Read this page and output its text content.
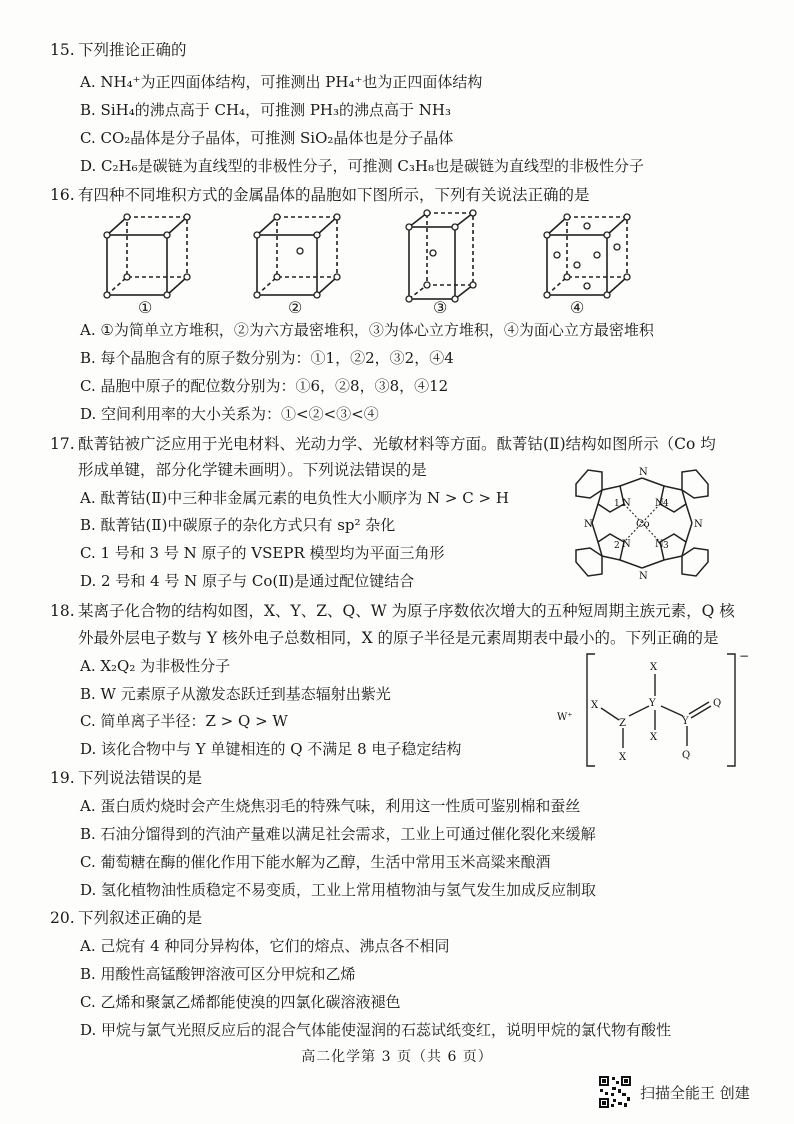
15. 下列推论正确的
A. NH₄⁺为正四面体结构，可推测出 PH₄⁺也为正四面体结构
B. SiH₄的沸点高于 CH₄，可推测 PH₃的沸点高于 NH₃
C. CO₂晶体是分子晶体，可推测 SiO₂晶体也是分子晶体
D. C₂H₆是碳链为直线型的非极性分子，可推测 C₃H₈也是碳链为直线型的非极性分子
16. 有四种不同堆积方式的金属晶体的晶胞如下图所示，下列有关说法正确的是
①	②	③	④
A. ①为简单立方堆积，②为六方最密堆积，③为体心立方堆积，④为面心立方最密堆积
B. 每个晶胞含有的原子数分别为：①1，②2，③2，④4
C. 晶胞中原子的配位数分别为：①6，②8，③8，④12
D. 空间利用率的大小关系为：①<②<③<④
17. 酞菁钴被广泛应用于光电材料、光动力学、光敏材料等方面。酞菁钴(Ⅱ)结构如图所示（Co 均
形成单键，部分化学键未画明）。下列说法错误的是
A. 酞菁钴(Ⅱ)中三种非金属元素的电负性大小顺序为 N > C > H
B. 酞菁钴(Ⅱ)中碳原子的杂化方式只有 sp² 杂化
C. 1 号和 3 号 N 原子的 VSEPR 模型均为平面三角形
D. 2 号和 4 号 N 原子与 Co(Ⅱ)是通过配位键结合
Co
N
N
N	N
N N
N N
1	4
2	3
18. 某离子化合物的结构如图，X、Y、Z、Q、W 为原子序数依次增大的五种短周期主族元素，Q 核
外最外层电子数与 Y 核外电子总数相同，X 的原子半径是元素周期表中最小的。下列正确的是
A. X₂Q₂ 为非极性分子
B. W 元素原子从激发态跃迁到基态辐射出紫光
C. 简单离子半径：Z > Q > W
D. 该化合物中与 Y 单键相连的 Q 不满足 8 电子稳定结构
W⁺
X
Z
Y
X
X
X
Y
Q
Q
−
19. 下列说法错误的是
A. 蛋白质灼烧时会产生烧焦羽毛的特殊气味，利用这一性质可鉴别棉和蚕丝
B. 石油分馏得到的汽油产量难以满足社会需求，工业上可通过催化裂化来缓解
C. 葡萄糖在酶的催化作用下能水解为乙醇，生活中常用玉米高粱来酿酒
D. 氢化植物油性质稳定不易变质，工业上常用植物油与氢气发生加成反应制取
20. 下列叙述正确的是
A. 己烷有 4 种同分异构体，它们的熔点、沸点各不相同
B. 用酸性高锰酸钾溶液可区分甲烷和乙烯
C. 乙烯和聚氯乙烯都能使溴的四氯化碳溶液褪色
D. 甲烷与氯气光照反应后的混合气体能使湿润的石蕊试纸变红，说明甲烷的氯代物有酸性
高二化学第 3 页（共 6 页）
扫描全能王 创建
